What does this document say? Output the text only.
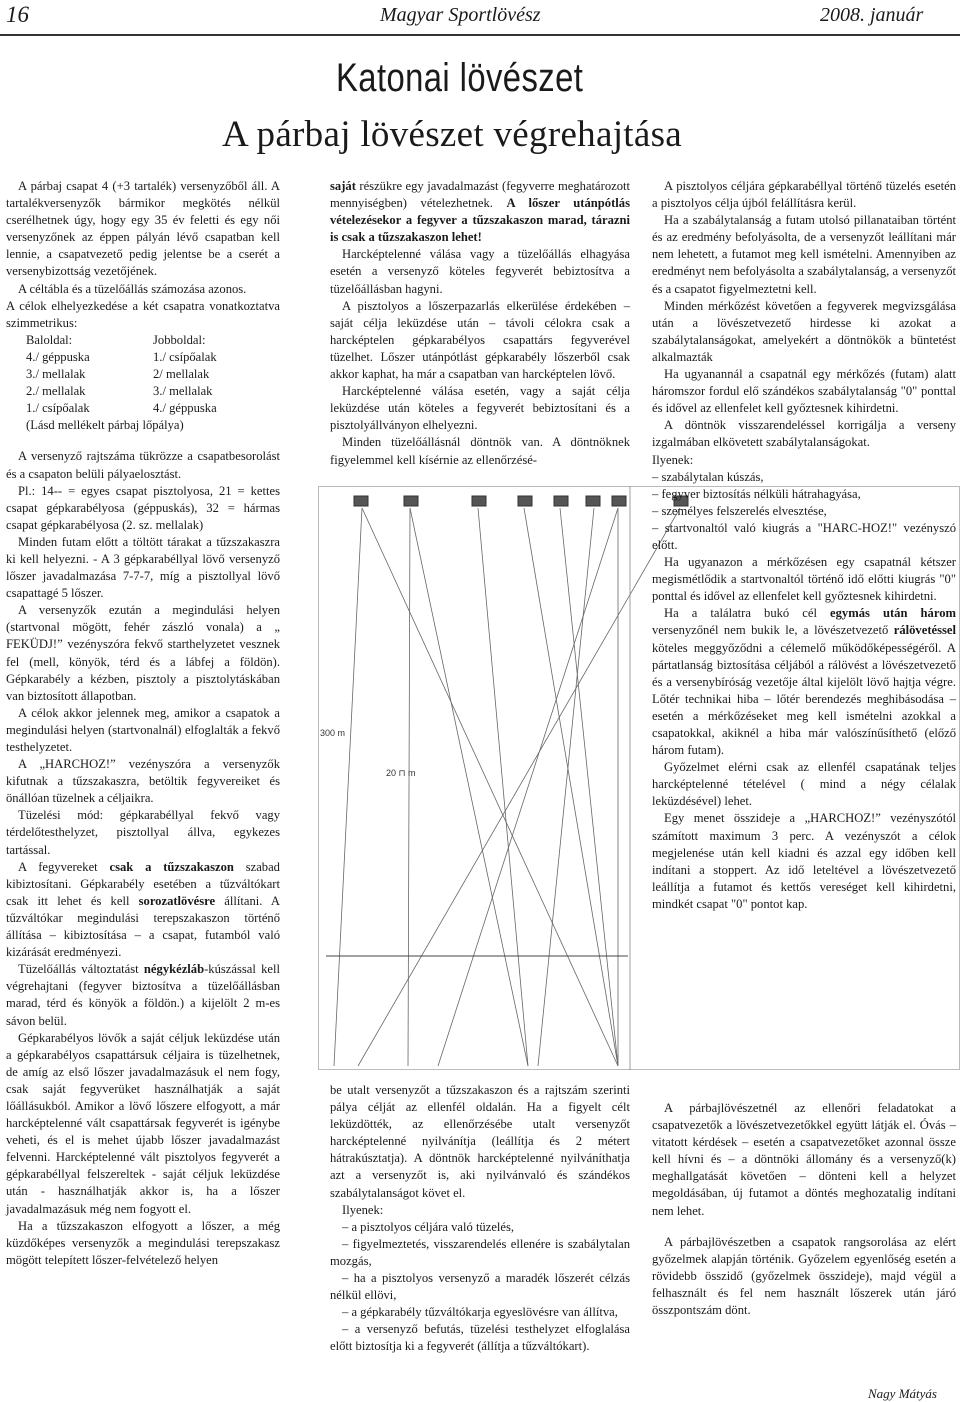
16	Magyar Sportlövész	2008. január
Katonai lövészet
A párbaj lövészet végrehajtása

A párbaj csapat 4 (+3 tartalék) versenyzőből áll. A tartalékversenyzők bármikor megkötés nélkül cserélhetnek úgy, hogy egy 35 év feletti és egy női versenyzőnek az éppen pályán lévő csapatban kell lennie, a csapatvezető pedig jelentse be a cserét a versenybizottság vezetőjének.

A céltábla és a tüzelőállás számozása azonos.

A célok elhelyezkedése a két csapatra vonatkoztatva szimmetrikus:

Baloldal:	Jobboldal:
4./ géppuska	1./ csípőalak
3./ mellalak	2/ mellalak
2./ mellalak	3./ mellalak
1./ csípőalak	4./ géppuska
(Lásd mellékelt párbaj lőpálya)

A versenyző rajtszáma tükrözze a csapatbesorolást és a csapaton belüli pályaelosztást.

Pl.: 14-- = egyes csapat pisztolyosa, 21 = kettes csapat gépkarabélyosa (géppuskás), 32 = hármas csapat gépkarabélyosa (2. sz. mellalak)

Minden futam előtt a töltött tárakat a tűzszakaszra ki kell helyezni. - A 3 gépkarabéllyal lövő versenyző lőszer javadalmazása 7-7-7, míg a pisztollyal lövő csapattagé 5 lőszer.

A versenyzők ezután a megindulási helyen (startvonal mögött, fehér zászló vonala) a „ FEKÜDJ!” vezényszóra fekvő starthelyzetet vesznek fel (mell, könyök, térd és a lábfej a földön). Gépkarabély a kézben, pisztoly a pisztolytáskában van biztosított állapotban.

A célok akkor jelennek meg, amikor a csapatok a megindulási helyen (startvonalnál) elfoglalták a fekvő testhelyzetet.

A „HARCHOZ!” vezényszóra a versenyzők kifutnak a tűzszakaszra, betöltik fegyvereiket és önállóan tüzelnek a céljaikra.

Tüzelési mód: gépkarabéllyal fekvő vagy térdelőtesthelyzet, pisztollyal állva, egykezes tartással.

A fegyvereket csak a tűzszakaszon szabad kibiztosítani. Gépkarabély esetében a tűzváltókart csak itt lehet és kell sorozatlövésre állítani. A tűzváltókar megindulási terepszakaszon történő állítása – kibiztosítása – a csapat, futamból való kizárását eredményezi.

Tüzelőállás változtatást négykézláb-kúszással kell végrehajtani (fegyver biztosítva a tüzelőállásban marad, térd és könyök a földön.) a kijelölt 2 m-es sávon belül.

Gépkarabélyos lövők a saját céljuk leküzdése után a gépkarabélyos csapattársuk céljaira is tüzelhetnek, de amíg az első lőszer javadalmazásuk el nem fogy, csak saját fegyverüket használhatják a saját lőállásukból. Amikor a lövő lőszere elfogyott, a már harcképtelenné vált csapattársak fegyverét is igénybe veheti, és el is mehet újabb lőszer javadalmazást felvenni. Harcképtelenné vált pisztolyos fegyverét a gépkarabéllyal felszereltek - saját céljuk leküzdése után - használhatják akkor is, ha a lőszer javadalmazásuk még nem fogyott el.

Ha a tűzszakaszon elfogyott a lőszer, a még küzdőképes versenyzők a megindulási terepszakasz mögött telepített lőszer-felvételező helyen

saját részükre egy javadalmazást (fegyverre meghatározott mennyiségben) vételezhetnek. A lőszer utánpótlás vételezésekor a fegyver a tűzszakaszon marad, tárazni is csak a tűzszakaszon lehet!

Harcképtelenné válása vagy a tüzelőállás elhagyása esetén a versenyző köteles fegyverét bebiztosítva a tüzelőállásban hagyni.

A pisztolyos a lőszerpazarlás elkerülése érdekében – saját célja leküzdése után – távoli célokra csak a harcképtelen gépkarabélyos csapattárs fegyverével tüzelhet. Lőszer utánpótlást gépkarabély lőszerből csak akkor kaphat, ha már a csapatban van harcképtelen lövő.

Harcképtelenné válása esetén, vagy a saját célja leküzdése után köteles a fegyverét bebiztosítani és a pisztolyállványon elhelyezni.

Minden tüzelőállásnál döntnök van. A döntnöknek figyelemmel kell kísérnie az ellenőrzésé-

300 m
20 ⊓ m

be utalt versenyzőt a tűzszakaszon és a rajtszám szerinti pálya célját az ellenfél oldalán. Ha a figyelt célt leküzdötték, az ellenőrzésébe utalt versenyzőt harcképtelenné nyilvánítja (leállítja és 2 métert hátrakúsztatja). A döntnök harcképtelenné nyilváníthatja azt a versenyzőt is, aki nyilvánvaló és szándékos szabálytalanságot követ el.

Ilyenek:

– a pisztolyos céljára való tüzelés,

– figyelmeztetés, visszarendelés ellenére is szabálytalan mozgás,

– ha a pisztolyos versenyző a maradék lőszerét célzás nélkül ellövi,

– a gépkarabély tűzváltókarja egyeslövésre van állítva,

– a versenyző befutás, tüzelési testhelyzet elfoglalása előtt biztosítja ki a fegyverét (állítja a tűzváltókart).

A pisztolyos céljára gépkarabéllyal történő tüzelés esetén a pisztolyos célja újból felállításra kerül.

Ha a szabálytalanság a futam utolsó pillanataiban történt és az eredmény befolyásolta, de a versenyzőt leállítani már nem lehetett, a futamot meg kell ismételni. Amennyiben az eredményt nem befolyásolta a szabálytalanság, a versenyzőt és a csapatot figyelmeztetni kell.

Minden mérkőzést követően a fegyverek megvizsgálása után a lövészetvezető hirdesse ki azokat a szabálytalanságokat, amelyekért a döntnökök a büntetést alkalmazták

Ha ugyanannál a csapatnál egy mérkőzés (futam) alatt háromszor fordul elő szándékos szabálytalanság "0" ponttal és idővel az ellenfelet kell győztesnek kihirdetni.

A döntnök visszarendeléssel korrigálja a verseny izgalmában elkövetett szabálytalanságokat.

Ilyenek:

– szabálytalan kúszás,

– fegyver biztosítás nélküli hátrahagyása,

– személyes felszerelés elvesztése,

– startvonaltól való kiugrás a "HARC-HOZ!" vezényszó előtt.

Ha ugyanazon a mérkőzésen egy csapatnál kétszer megismétlődik a startvonaltól történő idő előtti kiugrás "0" ponttal és idővel az ellenfelet kell győztesnek kihirdetni.

Ha a találatra bukó cél egymás után három versenyzőnél nem bukik le, a lövészetvezető rálövetéssel köteles meggyőződni a célemelő működőképességéről. A pártatlanság biztosítása céljából a rálövést a lövészetvezető és a versenybíróság vezetője által kijelölt lövő hajtja végre. Lőtér technikai hiba – lőtér berendezés meghibásodása – esetén a mérkőzéseket meg kell ismételni azokkal a csapatokkal, akiknél a hiba már valószínűsíthető (előző három futam).

Győzelmet elérni csak az ellenfél csapatának teljes harcképtelenné tételével ( mind a négy célalak leküzdésével) lehet.

Egy menet összideje a „HARCHOZ!” vezényszótól számított maximum 3 perc. A vezényszót a célok megjelenése után kell kiadni és azzal egy időben kell indítani a stoppert. Az idő leteltével a lövészetvezető leállítja a futamot és kettős vereséget kell kihirdetni, mindkét csapat "0" pontot kap.

A párbajlövészetnél az ellenőri feladatokat a csapatvezetők a lövészetvezetőkkel együtt látják el. Óvás – vitatott kérdések – esetén a csapatvezetőket azonnal össze kell hívni és – a döntnöki állomány és a versenyző(k) meghallgatását követően – dönteni kell a helyzet megoldásában, új futamot a döntés meghozatalig indítani nem lehet.

A párbajlövészetben a csapatok rangsorolása az elért győzelmek alapján történik. Győzelem egyenlőség esetén a rövidebb összidő (győzelmek összideje), majd végül a felhasznált és fel nem használt lőszerek után járó összpontszám dönt.

Nagy Mátyás
